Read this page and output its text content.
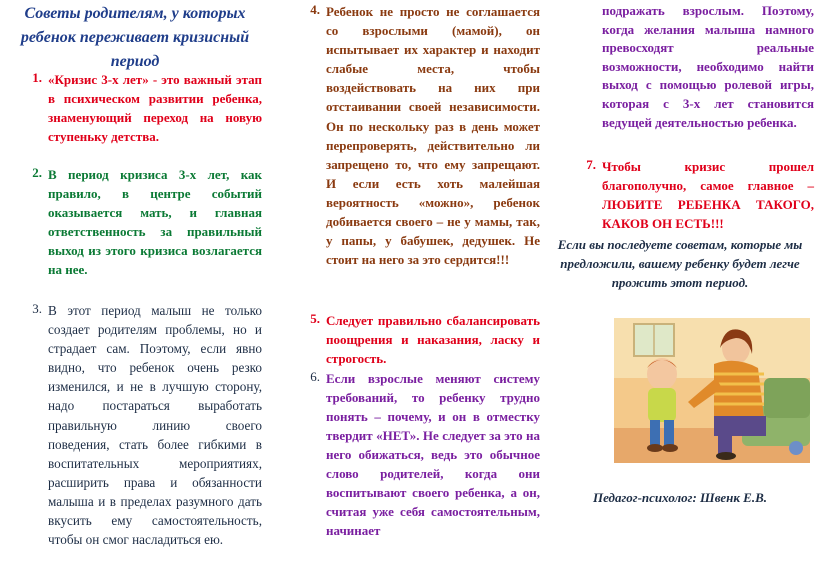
Советы родителям, у которых ребенок переживает кризисный период

1. «Кризис 3-х лет» - это важный этап в психическом развитии ребенка, знаменующий переход на новую ступеньку детства.

2. В период кризиса 3-х лет, как правило, в центре событий оказывается мать, и главная ответственность за правильный выход из этого кризиса возлагается на нее.

3. В этот период малыш не только создает родителям проблемы, но и страдает сам. Поэтому, если явно видно, что ребенок очень резко изменился, и не в лучшую сторону, надо постараться выработать правильную линию своего поведения, стать более гибкими в воспитательных мероприятиях, расширить права и обязанности малыша и в пределах разумного дать вкусить ему самостоятельность, чтобы он смог насладиться ею.

4. Ребенок не просто не соглашается со взрослыми (мамой), он испытывает их характер и находит слабые места, чтобы воздействовать на них при отстаивании своей независимости. Он по нескольку раз в день может перепроверять, действительно ли запрещено то, что ему запрещают. И если есть хоть малейшая вероятность «можно», ребенок добивается своего – не у мамы, так, у папы, у бабушек, дедушек. Не стоит на него за это сердится!!!

5. Следует правильно сбалансировать поощрения и наказания, ласку и строгость.

6. Если взрослые меняют систему требований, то ребенку трудно понять – почему, и он в отместку твердит «НЕТ». Не следует за это на него обижаться, ведь это обычное слово родителей, когда они воспитывают своего ребенка, а он, считая уже себя самостоятельным, начинает

подражать взрослым. Поэтому, когда желания малыша намного превосходят реальные возможности, необходимо найти выход с помощью ролевой игры, которая с 3-х лет становится ведущей деятельностью ребенка.

7. Чтобы кризис прошел благополучно, самое главное – ЛЮБИТЕ РЕБЕНКА ТАКОГО, КАКОВ ОН ЕСТЬ!!!

Если вы последуете советам, которые мы предложили, вашему ребенку будет легче прожить этот период.

Педагог-психолог: Швенк Е.В.
